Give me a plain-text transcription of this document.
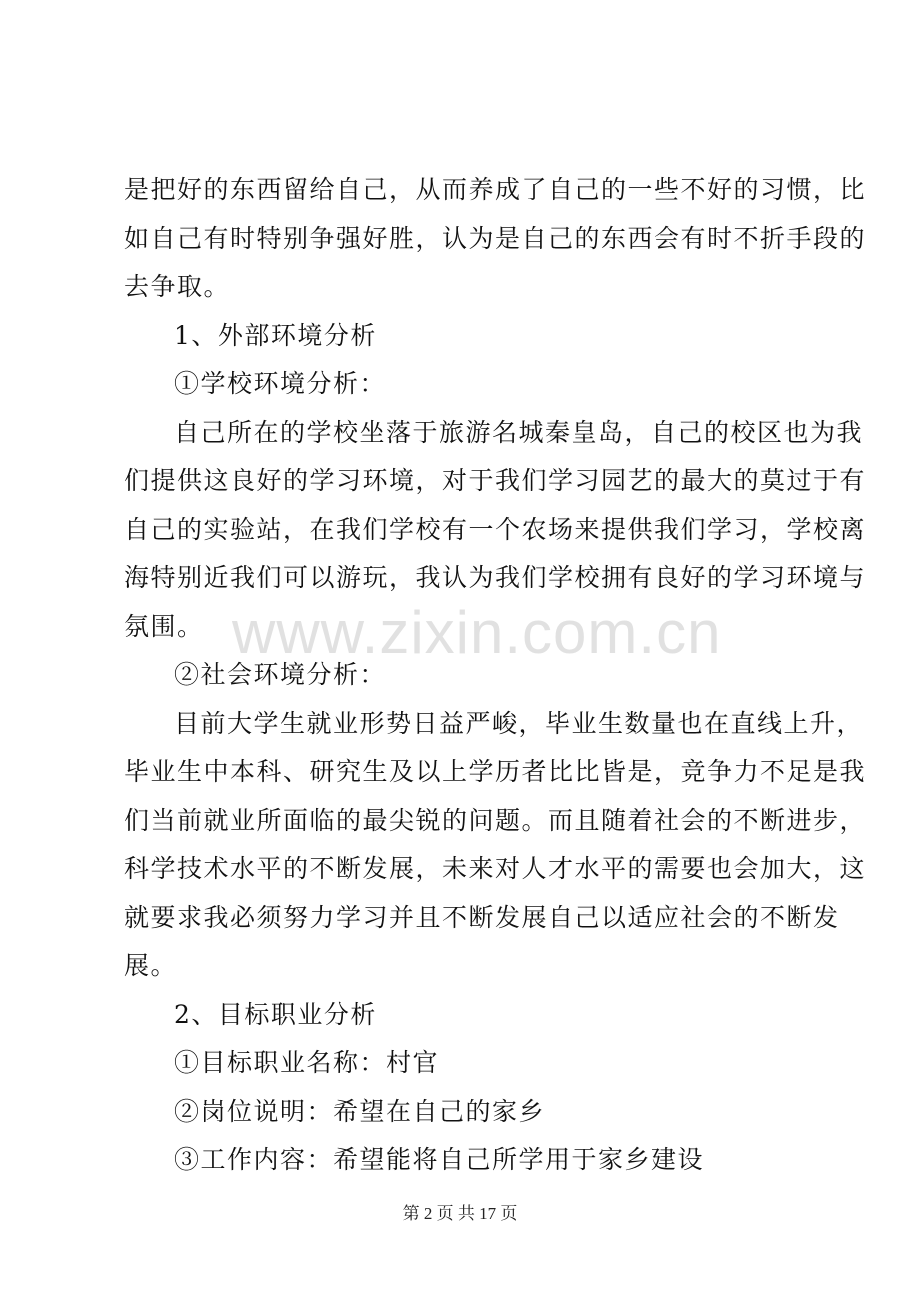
是把好的东西留给自己，从而养成了自己的一些不好的习惯，比
如自己有时特别争强好胜，认为是自己的东西会有时不折手段的
去争取。
1、外部环境分析
①学校环境分析：
自己所在的学校坐落于旅游名城秦皇岛，自己的校区也为我
们提供这良好的学习环境，对于我们学习园艺的最大的莫过于有
自己的实验站，在我们学校有一个农场来提供我们学习，学校离
海特别近我们可以游玩，我认为我们学校拥有良好的学习环境与
氛围。
②社会环境分析：
目前大学生就业形势日益严峻，毕业生数量也在直线上升，
毕业生中本科、研究生及以上学历者比比皆是，竞争力不足是我
们当前就业所面临的最尖锐的问题。而且随着社会的不断进步，
科学技术水平的不断发展，未来对人才水平的需要也会加大，这
就要求我必须努力学习并且不断发展自己以适应社会的不断发
展。
2、目标职业分析
①目标职业名称：村官
②岗位说明：希望在自己的家乡
③工作内容：希望能将自己所学用于家乡建设
www.zixin.com.cn
第 2 页 共 17 页
